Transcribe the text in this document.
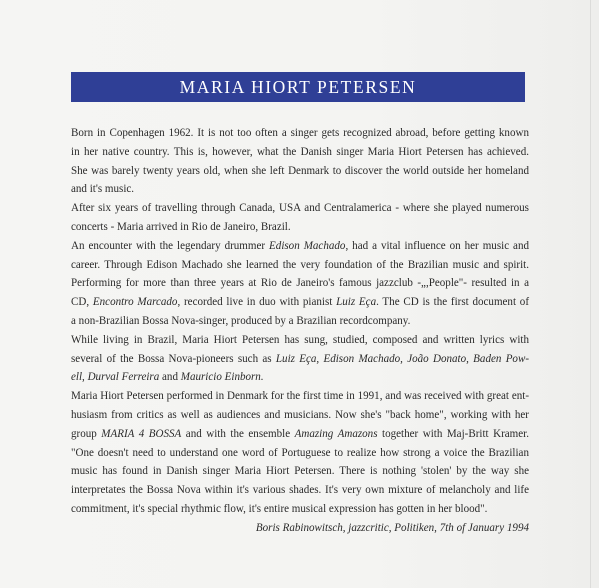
MARIA HIORT PETERSEN
Born in Copenhagen 1962. It is not too often a singer gets recognized abroad, before getting known
in her native country. This is, however, what the Danish singer Maria Hiort Petersen has achieved.
She was barely twenty years old, when she left Denmark to discover the world outside her homeland
and it's music.
After six years of travelling through Canada, USA and Centralamerica - where she played numerous
concerts - Maria arrived in Rio de Janeiro, Brazil.
An encounter with the legendary drummer Edison Machado, had a vital influence on her music and
career. Through Edison Machado she learned the very foundation of the Brazilian music and spirit.
Performing for more than three years at Rio de Janeiro's famous jazzclub -„,People"- resulted in a
CD, Encontro Marcado, recorded live in duo with pianist Luiz Eça. The CD is the first document of
a non-Brazilian Bossa Nova-singer, produced by a Brazilian recordcompany.
While living in Brazil, Maria Hiort Petersen has sung, studied, composed and written lyrics with
several of the Bossa Nova-pioneers such as Luiz Eça, Edison Machado, João Donato, Baden Pow-
ell, Durval Ferreira and Mauricio Einborn.
Maria Hiort Petersen performed in Denmark for the first time in 1991, and was received with great ent-
husiasm from critics as well as audiences and musicians. Now she's "back home", working with her
group MARIA 4 BOSSA and with the ensemble Amazing Amazons together with Maj-Britt Kramer.
"One doesn't need to understand one word of Portuguese to realize how strong a voice the Brazilian
music has found in Danish singer Maria Hiort Petersen. There is nothing 'stolen' by the way she
interpretates the Bossa Nova within it's various shades. It's very own mixture of melancholy and life
commitment, it's special rhythmic flow, it's entire musical expression has gotten in her blood".
Boris Rabinowitsch, jazzcritic, Politiken, 7th of January 1994
